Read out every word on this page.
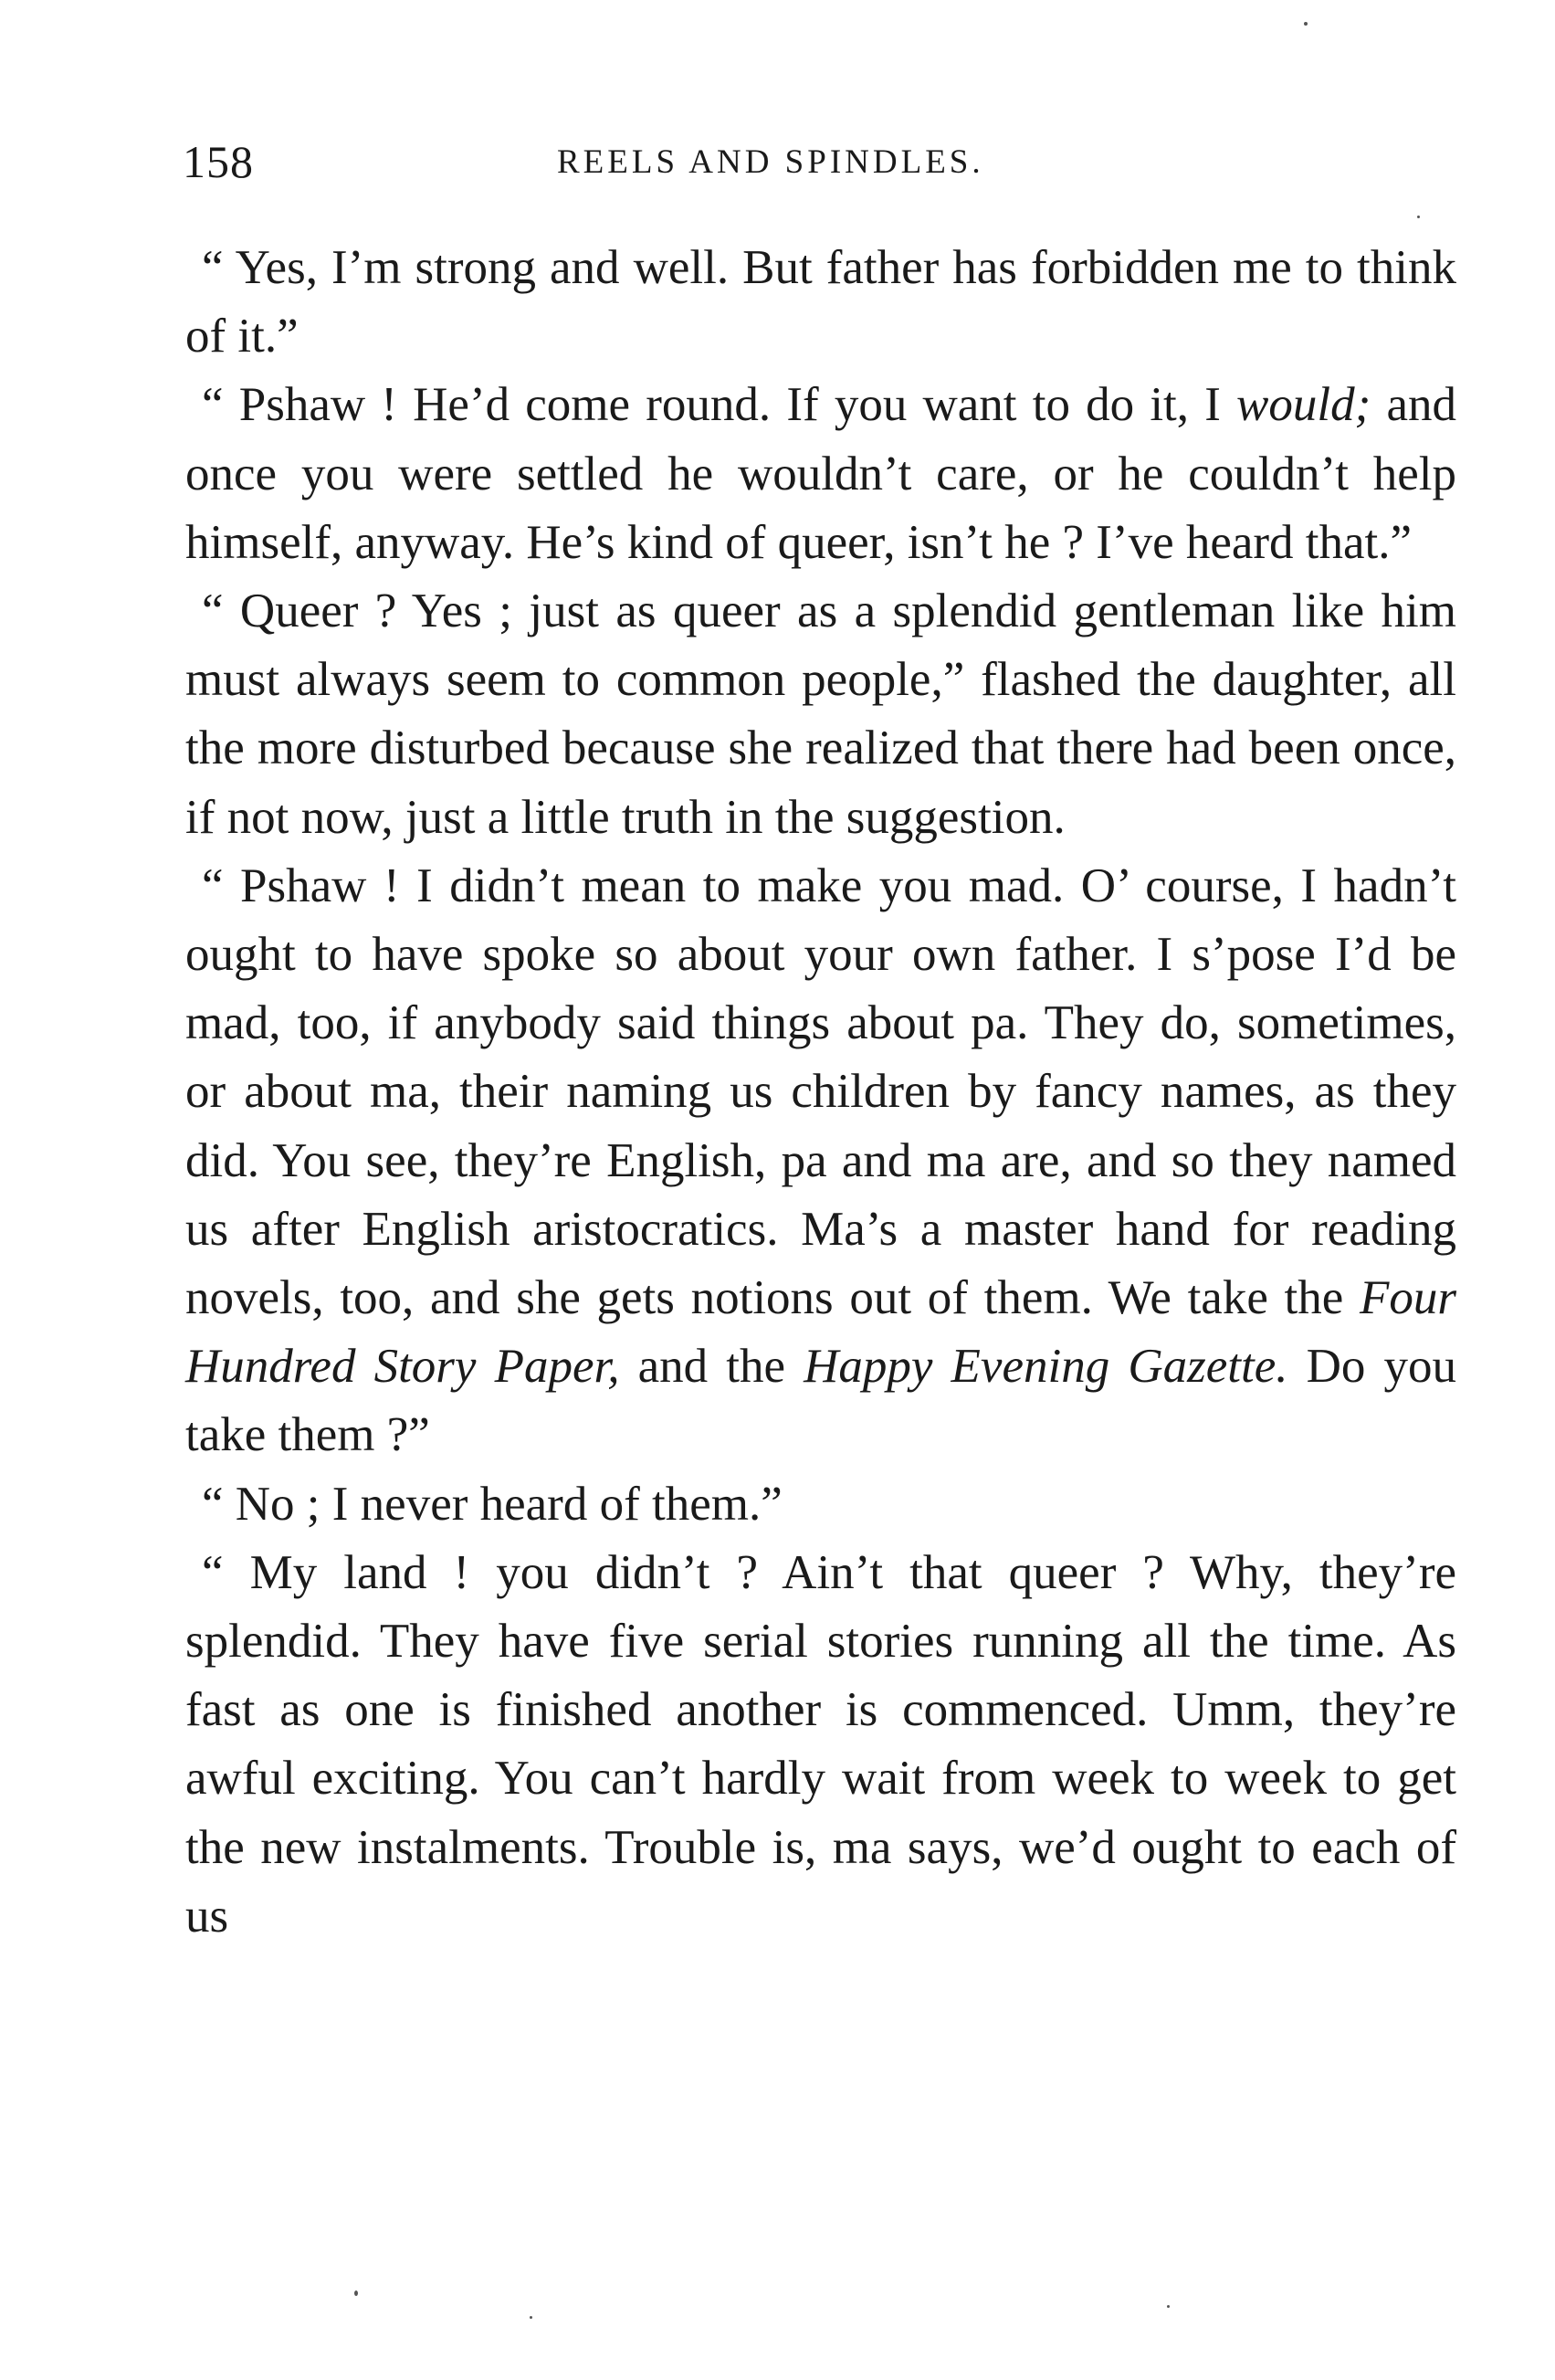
158	REELS AND SPINDLES.

“ Yes, I’m strong and well. But father has forbidden me to think of it.”

“ Pshaw ! He’d come round. If you want to do it, I would; and once you were settled he wouldn’t care, or he couldn’t help himself, anyway. He’s kind of queer, isn’t he ? I’ve heard that.”

“ Queer ? Yes ; just as queer as a splendid gentleman like him must always seem to common people,” flashed the daughter, all the more disturbed because she realized that there had been once, if not now, just a little truth in the suggestion.

“ Pshaw ! I didn’t mean to make you mad. O’ course, I hadn’t ought to have spoke so about your own father. I s’pose I’d be mad, too, if anybody said things about pa. They do, sometimes, or about ma, their naming us children by fancy names, as they did. You see, they’re English, pa and ma are, and so they named us after English aristocratics. Ma’s a master hand for reading novels, too, and she gets notions out of them. We take the Four Hundred Story Paper, and the Happy Evening Gazette. Do you take them ?”

“ No ; I never heard of them.”

“ My land ! you didn’t ? Ain’t that queer ? Why, they’re splendid. They have five serial stories running all the time. As fast as one is finished another is commenced. Umm, they’re awful exciting. You can’t hardly wait from week to week to get the new instalments. Trouble is, ma says, we’d ought to each of us
